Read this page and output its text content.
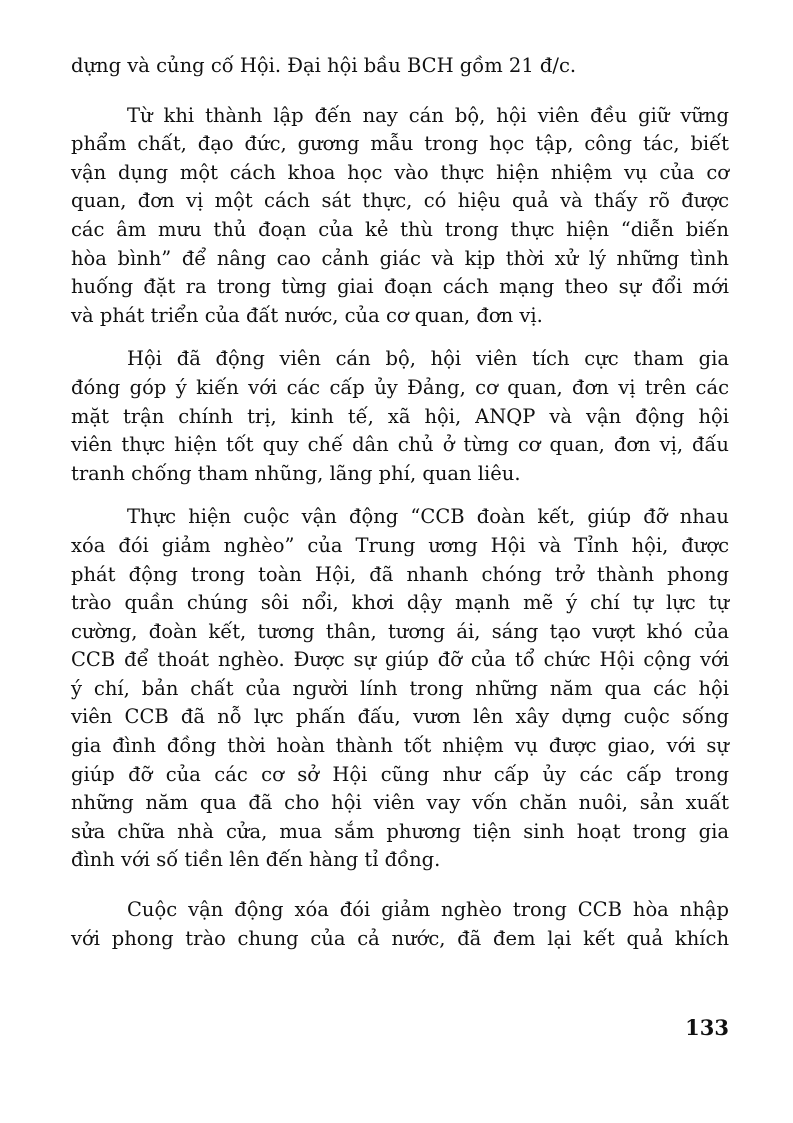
dựng và củng cố Hội. Đại hội bầu BCH gồm 21 đ/c.
Từ khi thành lập đến nay cán bộ, hội viên đều giữ vững
phẩm chất, đạo đức, gương mẫu trong học tập, công tác, biết
vận dụng một cách khoa học vào thực hiện nhiệm vụ của cơ
quan, đơn vị một cách sát thực, có hiệu quả và thấy rõ được
các âm mưu thủ đoạn của kẻ thù trong thực hiện “diễn biến
hòa bình” để nâng cao cảnh giác và kịp thời xử lý những tình
huống đặt ra trong từng giai đoạn cách mạng theo sự đổi mới
và phát triển của đất nước, của cơ quan, đơn vị.
Hội đã động viên cán bộ, hội viên tích cực tham gia
đóng góp ý kiến với các cấp ủy Đảng, cơ quan, đơn vị trên các
mặt trận chính trị, kinh tế, xã hội, ANQP và vận động hội
viên thực hiện tốt quy chế dân chủ ở từng cơ quan, đơn vị, đấu
tranh chống tham nhũng, lãng phí, quan liêu.
Thực hiện cuộc vận động “CCB đoàn kết, giúp đỡ nhau
xóa đói giảm nghèo” của Trung ương Hội và Tỉnh hội, được
phát động trong toàn Hội, đã nhanh chóng trở thành phong
trào quần chúng sôi nổi, khơi dậy mạnh mẽ ý chí tự lực tự
cường, đoàn kết, tương thân, tương ái, sáng tạo vượt khó của
CCB để thoát nghèo. Được sự giúp đỡ của tổ chức Hội cộng với
ý chí, bản chất của người lính trong những năm qua các hội
viên CCB đã nỗ lực phấn đấu, vươn lên xây dựng cuộc sống
gia đình đồng thời hoàn thành tốt nhiệm vụ được giao, với sự
giúp đỡ của các cơ sở Hội cũng như cấp ủy các cấp trong
những năm qua đã cho hội viên vay vốn chăn nuôi, sản xuất
sửa chữa nhà cửa, mua sắm phương tiện sinh hoạt trong gia
đình với số tiền lên đến hàng tỉ đồng.
Cuộc vận động xóa đói giảm nghèo trong CCB hòa nhập
với phong trào chung của cả nước, đã đem lại kết quả khích
133
